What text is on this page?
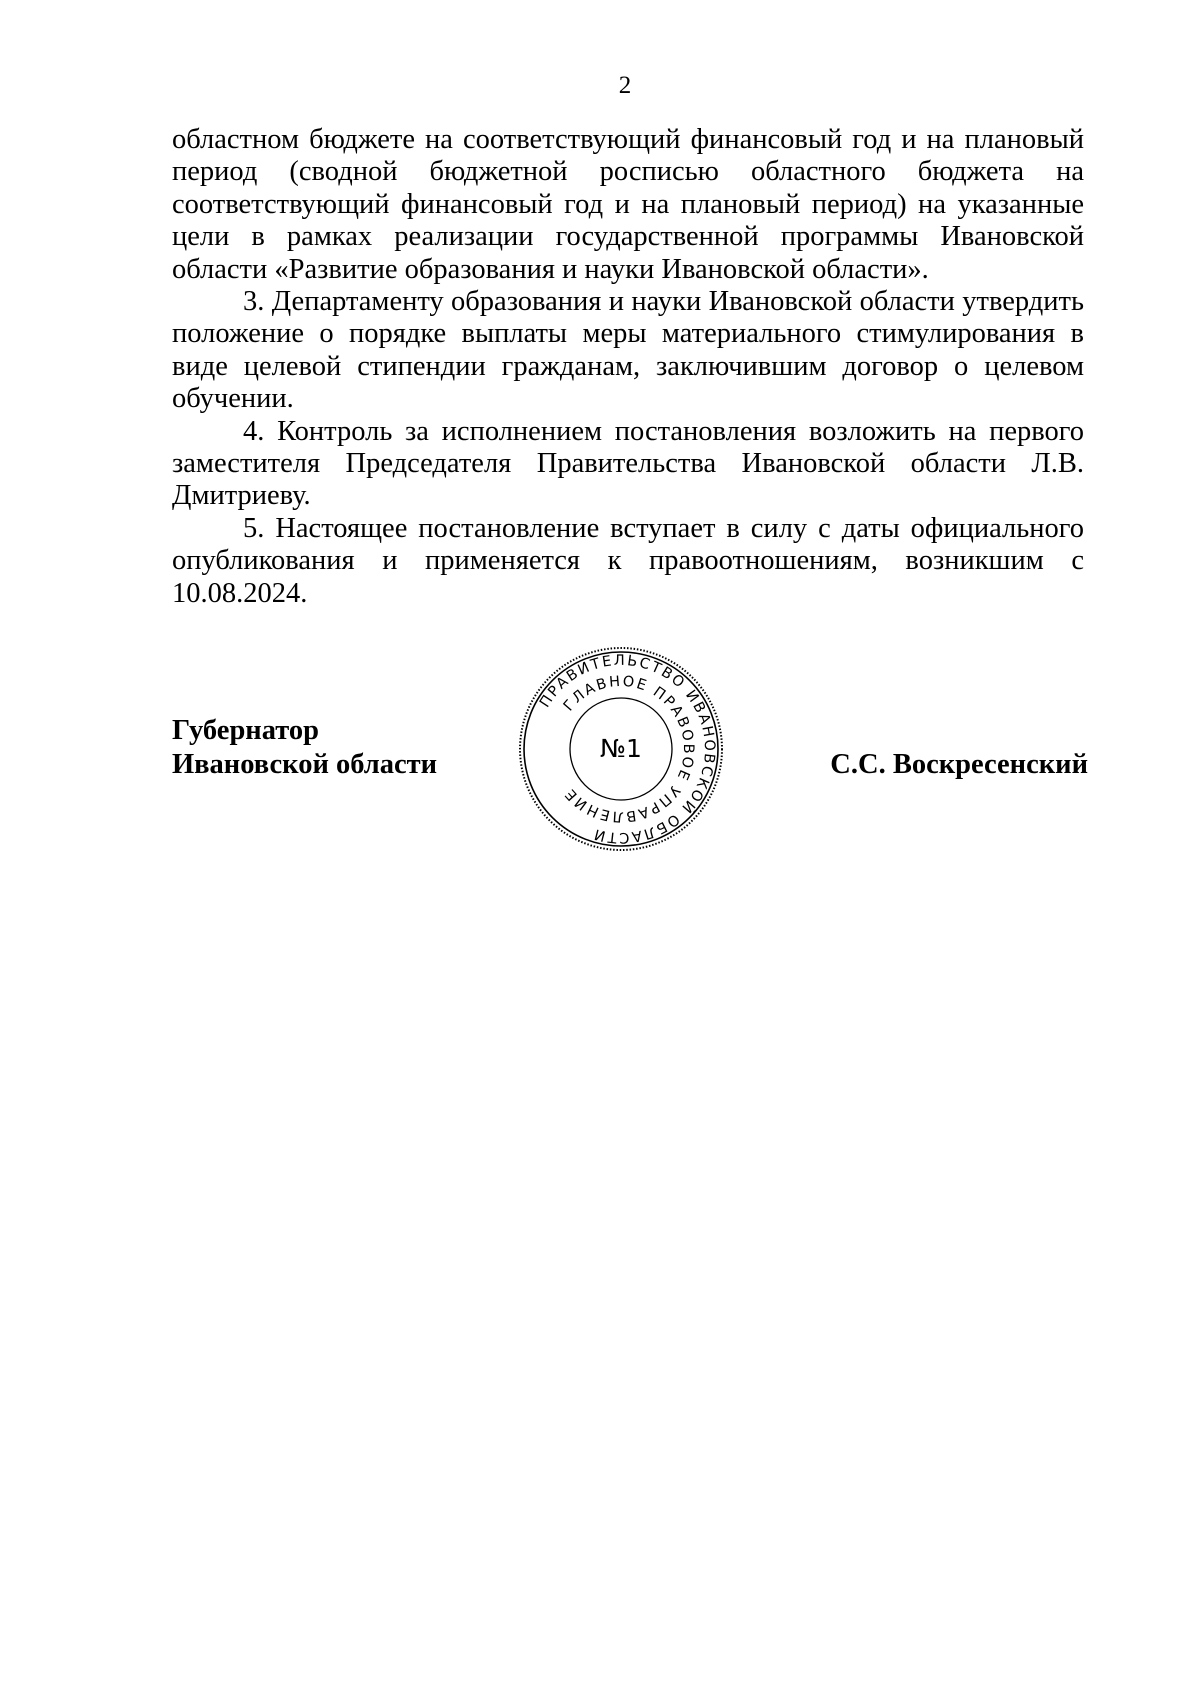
2

областном бюджете на соответствующий финансовый год и на плановый период (сводной бюджетной росписью областного бюджета на соответствующий финансовый год и на плановый период) на указанные цели в рамках реализации государственной программы Ивановской области «Развитие образования и науки Ивановской области».

3. Департаменту образования и науки Ивановской области утвердить положение о порядке выплаты меры материального стимулирования в виде целевой стипендии гражданам, заключившим договор о целевом обучении.

4. Контроль за исполнением постановления возложить на первого заместителя Председателя Правительства Ивановской области Л.В. Дмитриеву.

5. Настоящее постановление вступает в силу с даты официального опубликования и применяется к правоотношениям, возникшим с 10.08.2024.

Губернатор
Ивановской области	С.С. Воскресенский
ПРАВИТЕЛЬСТВО ИВАНОВСКОЙ ОБЛАСТИ
ГЛАВНОЕ ПРАВОВОЕ УПРАВЛЕНИЕ
№1
